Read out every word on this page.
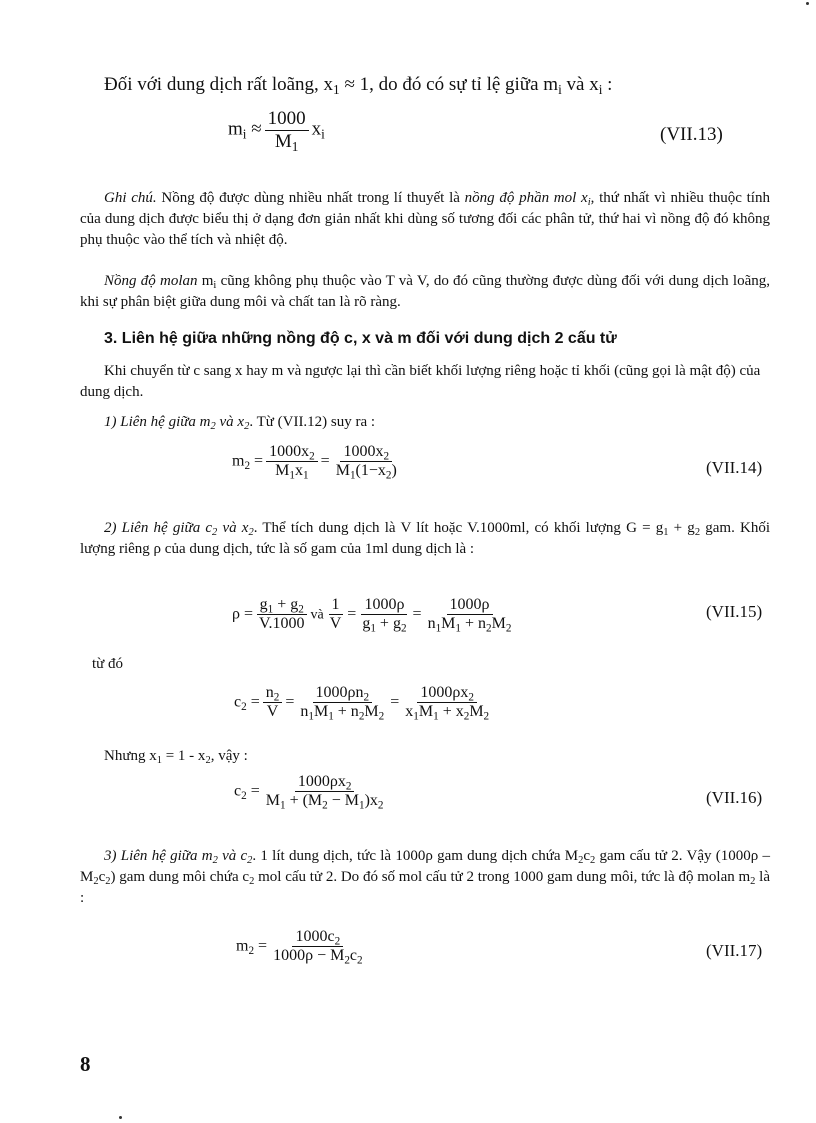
Đối với dung dịch rất loãng, $x_1 \approx 1$, do đó có sự tỉ lệ giữa $m_i$ và $x_i$ :
$m_i \approx \frac{1000}{M_1} x_i$	(VII.13)
Ghi chú. Nồng độ được dùng nhiều nhất trong lí thuyết là nồng độ phần mol $x_i$, thứ nhất vì nhiều thuộc tính của dung dịch được biểu thị ở dạng đơn giản nhất khi dùng số tương đối các phân tử, thứ hai vì nồng độ đó không phụ thuộc vào thể tích và nhiệt độ.
Nồng độ molan $m_i$ cũng không phụ thuộc vào T và V, do đó cũng thường được dùng đối với dung dịch loãng, khi sự phân biệt giữa dung môi và chất tan là rõ ràng.
3. Liên hệ giữa những nồng độ c, x và m đối với dung dịch 2 cấu tử
Khi chuyển từ c sang x hay m và ngược lại thì cần biết khối lượng riêng hoặc tỉ khối (cũng gọi là mật độ) của dung dịch.
1) Liên hệ giữa $m_2$ và $x_2$. Từ (VII.12) suy ra :
$m_2 = \frac{1000x_2}{M_1x_1} = \frac{1000x_2}{M_1(1-x_2)}$	(VII.14)
2) Liên hệ giữa $c_2$ và $x_2$. Thể tích dung dịch là V lít hoặc V.1000ml, có khối lượng $G = g_1 + g_2$ gam. Khối lượng riêng ρ của dung dịch, tức là số gam của 1ml dung dịch là :
$\rho = \frac{g_1 + g_2}{V.1000}$ và $\frac{1}{V} = \frac{1000\rho}{g_1 + g_2} = \frac{1000\rho}{n_1M_1 + n_2M_2}$	(VII.15)
từ đó
$c_2 = \frac{n_2}{V} = \frac{1000\rho n_2}{n_1M_1 + n_2M_2} = \frac{1000\rho x_2}{x_1M_1 + x_2M_2}$
Nhưng $x_1 = 1 - x_2$, vậy :
$c_2 = \frac{1000\rho x_2}{M_1 + (M_2 - M_1)x_2}$	(VII.16)
3) Liên hệ giữa $m_2$ và $c_2$. 1 lít dung dịch, tức là 1000ρ gam dung dịch chứa $M_2c_2$ gam cấu tử 2. Vậy $(1000\rho - M_2c_2)$ gam dung môi chứa $c_2$ mol cấu tử 2. Do đó số mol cấu tử 2 trong 1000 gam dung môi, tức là độ molan $m_2$ là :
$m_2 = \frac{1000c_2}{1000\rho - M_2c_2}$	(VII.17)
8
